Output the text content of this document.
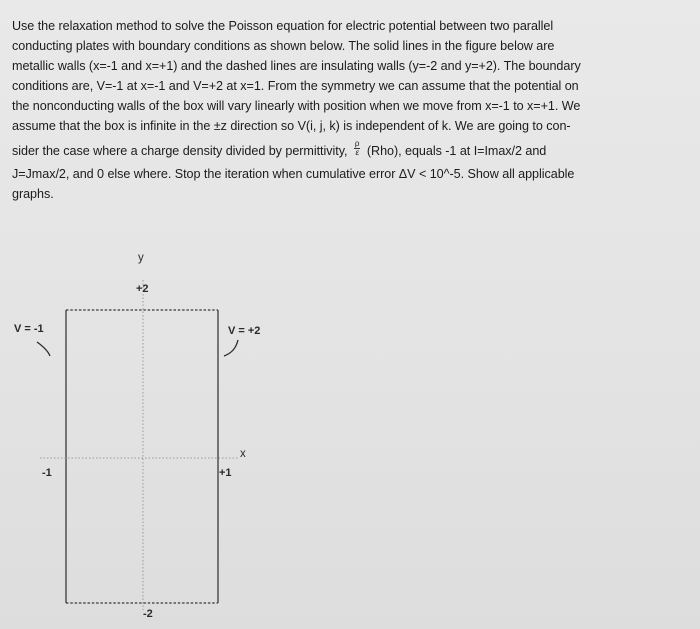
Use the relaxation method to solve the Poisson equation for electric potential between two parallel
conducting plates with boundary conditions as shown below. The solid lines in the figure below are
metallic walls (x=-1 and x=+1) and the dashed lines are insulating walls (y=-2 and y=+2). The boundary
conditions are, V=-1 at x=-1 and V=+2 at x=1. From the symmetry we can assume that the potential on
the nonconducting walls of the box will vary linearly with position when we move from x=-1 to x=+1. We
assume that the box is infinite in the ±z direction so V(i, j, k) is independent of k. We are going to con-
sider the case where a charge density divided by permittivity, $\frac{\rho}{\varepsilon} (Rho)$, equals -1 at I=Imax/2 and
J=Jmax/2, and 0 else where. Stop the iteration when cumulative error ΔV < 10^-5. Show all applicable
graphs.
y
+2
V = -1	V = +2
x
-1	+1
-2
